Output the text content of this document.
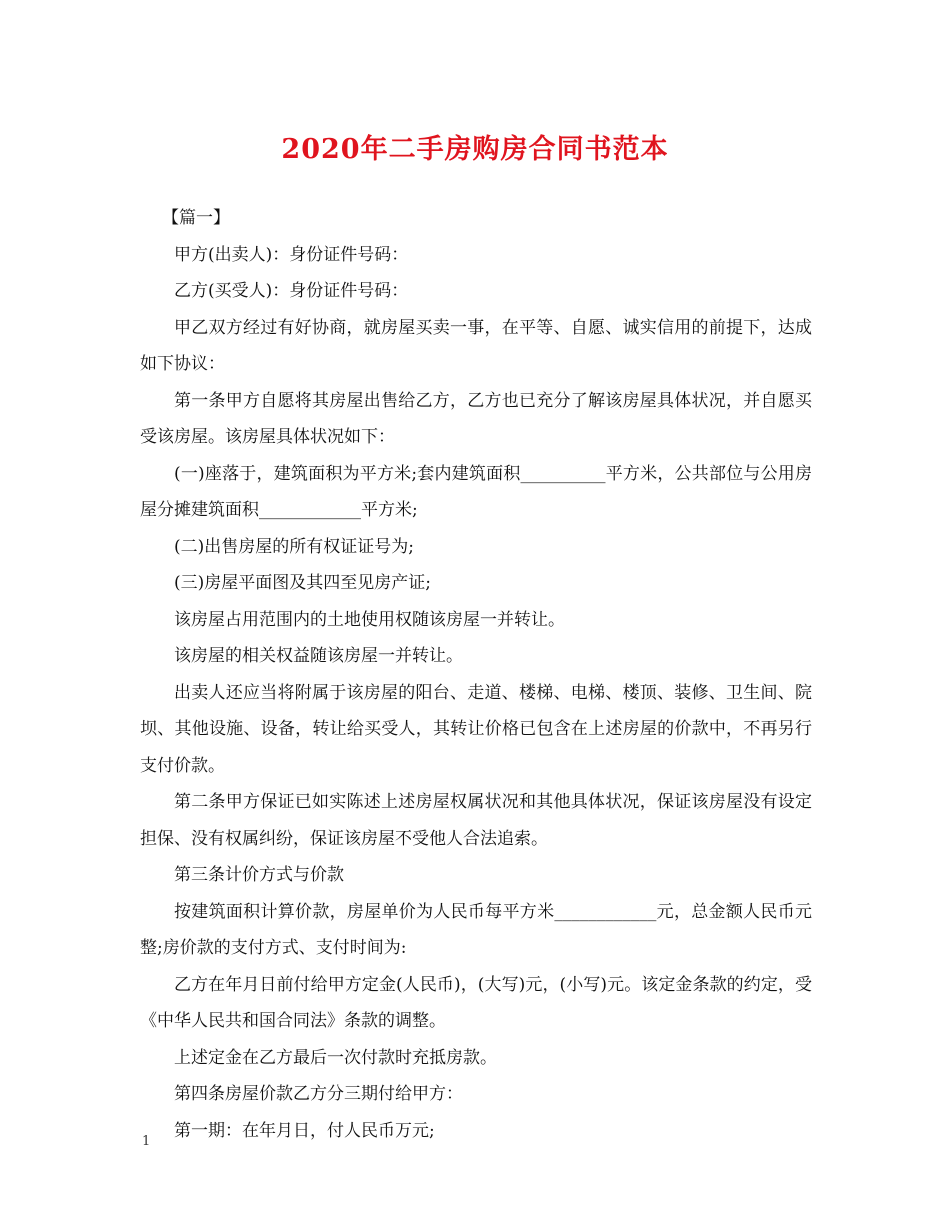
2020年二手房购房合同书范本

【篇一】

甲方(出卖人)：身份证件号码：

乙方(买受人)：身份证件号码：

甲乙双方经过有好协商，就房屋买卖一事，在平等、自愿、诚实信用的前提下，达成如下协议：

第一条甲方自愿将其房屋出售给乙方，乙方也已充分了解该房屋具体状况，并自愿买受该房屋。该房屋具体状况如下：

(一)座落于，建筑面积为平方米;套内建筑面积__________平方米，公共部位与公用房屋分摊建筑面积____________平方米;

(二)出售房屋的所有权证证号为;

(三)房屋平面图及其四至见房产证;

该房屋占用范围内的土地使用权随该房屋一并转让。

该房屋的相关权益随该房屋一并转让。

出卖人还应当将附属于该房屋的阳台、走道、楼梯、电梯、楼顶、装修、卫生间、院坝、其他设施、设备，转让给买受人，其转让价格已包含在上述房屋的价款中，不再另行支付价款。

第二条甲方保证已如实陈述上述房屋权属状况和其他具体状况，保证该房屋没有设定担保、没有权属纠纷，保证该房屋不受他人合法追索。

第三条计价方式与价款

按建筑面积计算价款，房屋单价为人民币每平方米____________元，总金额人民币元整;房价款的支付方式、支付时间为:

乙方在年月日前付给甲方定金(人民币)，(大写)元，(小写)元。该定金条款的约定，受《中华人民共和国合同法》条款的调整。

上述定金在乙方最后一次付款时充抵房款。

第四条房屋价款乙方分三期付给甲方：

第一期：在年月日，付人民币万元;

1
